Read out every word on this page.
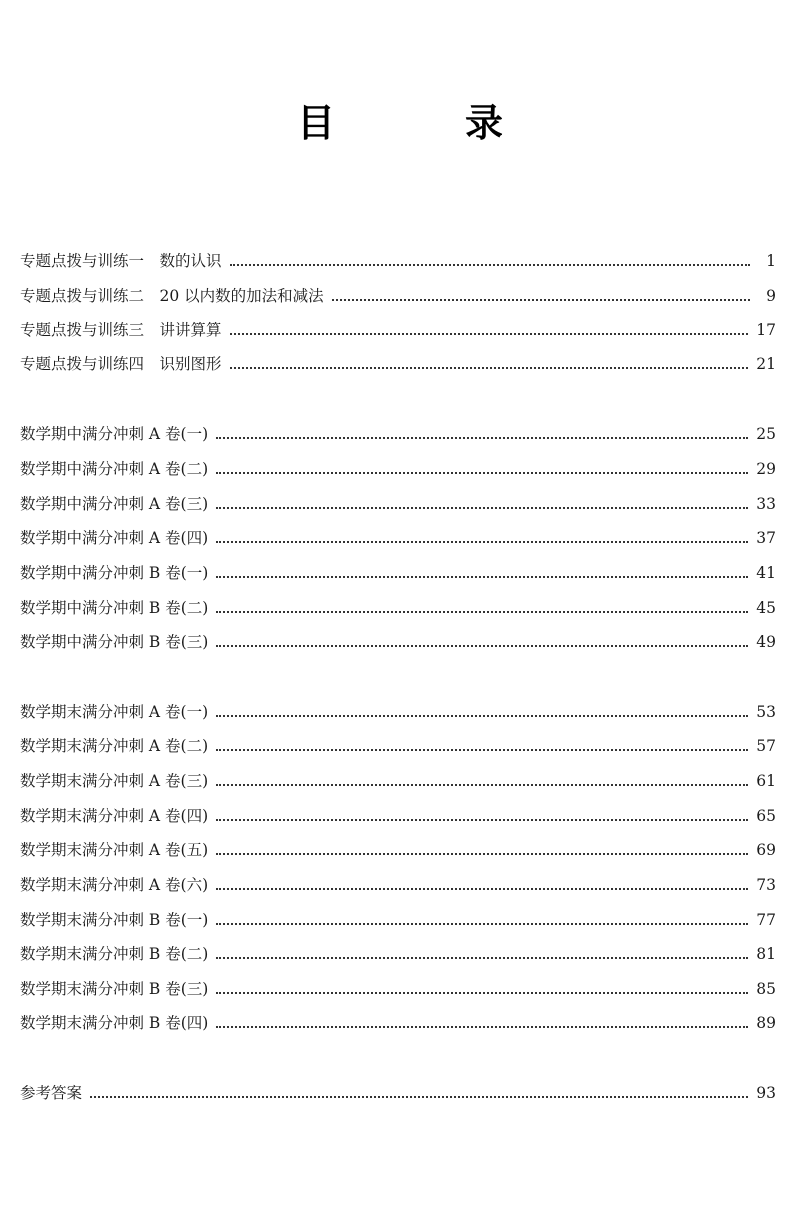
目　录
专题点拨与训练一　数的认识	1
专题点拨与训练二　20 以内数的加法和减法	9
专题点拨与训练三　讲讲算算	17
专题点拨与训练四　识别图形	21
数学期中满分冲刺 A 卷(一)	25
数学期中满分冲刺 A 卷(二)	29
数学期中满分冲刺 A 卷(三)	33
数学期中满分冲刺 A 卷(四)	37
数学期中满分冲刺 B 卷(一)	41
数学期中满分冲刺 B 卷(二)	45
数学期中满分冲刺 B 卷(三)	49
数学期末满分冲刺 A 卷(一)	53
数学期末满分冲刺 A 卷(二)	57
数学期末满分冲刺 A 卷(三)	61
数学期末满分冲刺 A 卷(四)	65
数学期末满分冲刺 A 卷(五)	69
数学期末满分冲刺 A 卷(六)	73
数学期末满分冲刺 B 卷(一)	77
数学期末满分冲刺 B 卷(二)	81
数学期末满分冲刺 B 卷(三)	85
数学期末满分冲刺 B 卷(四)	89
参考答案	93
